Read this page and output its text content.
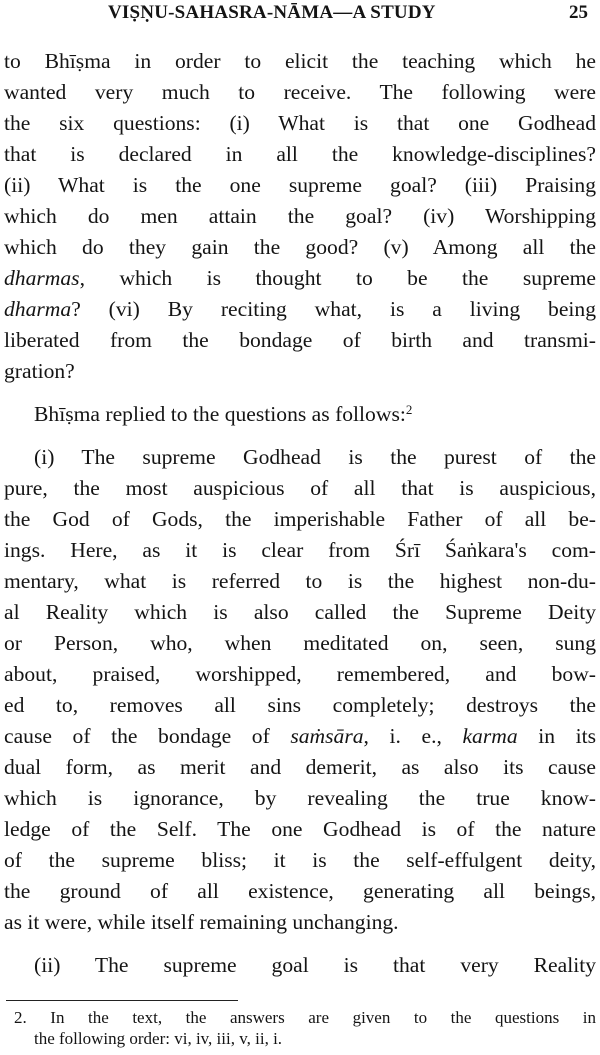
VIṢṆU-SAHASRA-NĀMA—A STUDY	25
to Bhīṣma in order to elicit the teaching which he
wanted very much to receive. The following were
the six questions: (i) What is that one Godhead
that is declared in all the knowledge-disciplines?
(ii) What is the one supreme goal? (iii) Praising
which do men attain the goal? (iv) Worshipping
which do they gain the good? (v) Among all the
dharmas, which is thought to be the supreme
dharma? (vi) By reciting what, is a living being
liberated from the bondage of birth and transmi-
gration?
Bhīṣma replied to the questions as follows:$^2$
(i) The supreme Godhead is the purest of the
pure, the most auspicious of all that is auspicious,
the God of Gods, the imperishable Father of all be-
ings. Here, as it is clear from Śrī Śaṅkara's com-
mentary, what is referred to is the highest non-du-
al Reality which is also called the Supreme Deity
or Person, who, when meditated on, seen, sung
about, praised, worshipped, remembered, and bow-
ed to, removes all sins completely; destroys the
cause of the bondage of saṁsāra, i. e., karma in its
dual form, as merit and demerit, as also its cause
which is ignorance, by revealing the true know-
ledge of the Self. The one Godhead is of the nature
of the supreme bliss; it is the self-effulgent deity,
the ground of all existence, generating all beings,
as it were, while itself remaining unchanging.
(ii) The supreme goal is that very Reality
2. In the text, the answers are given to the questions in
the following order: vi, iv, iii, v, ii, i.
